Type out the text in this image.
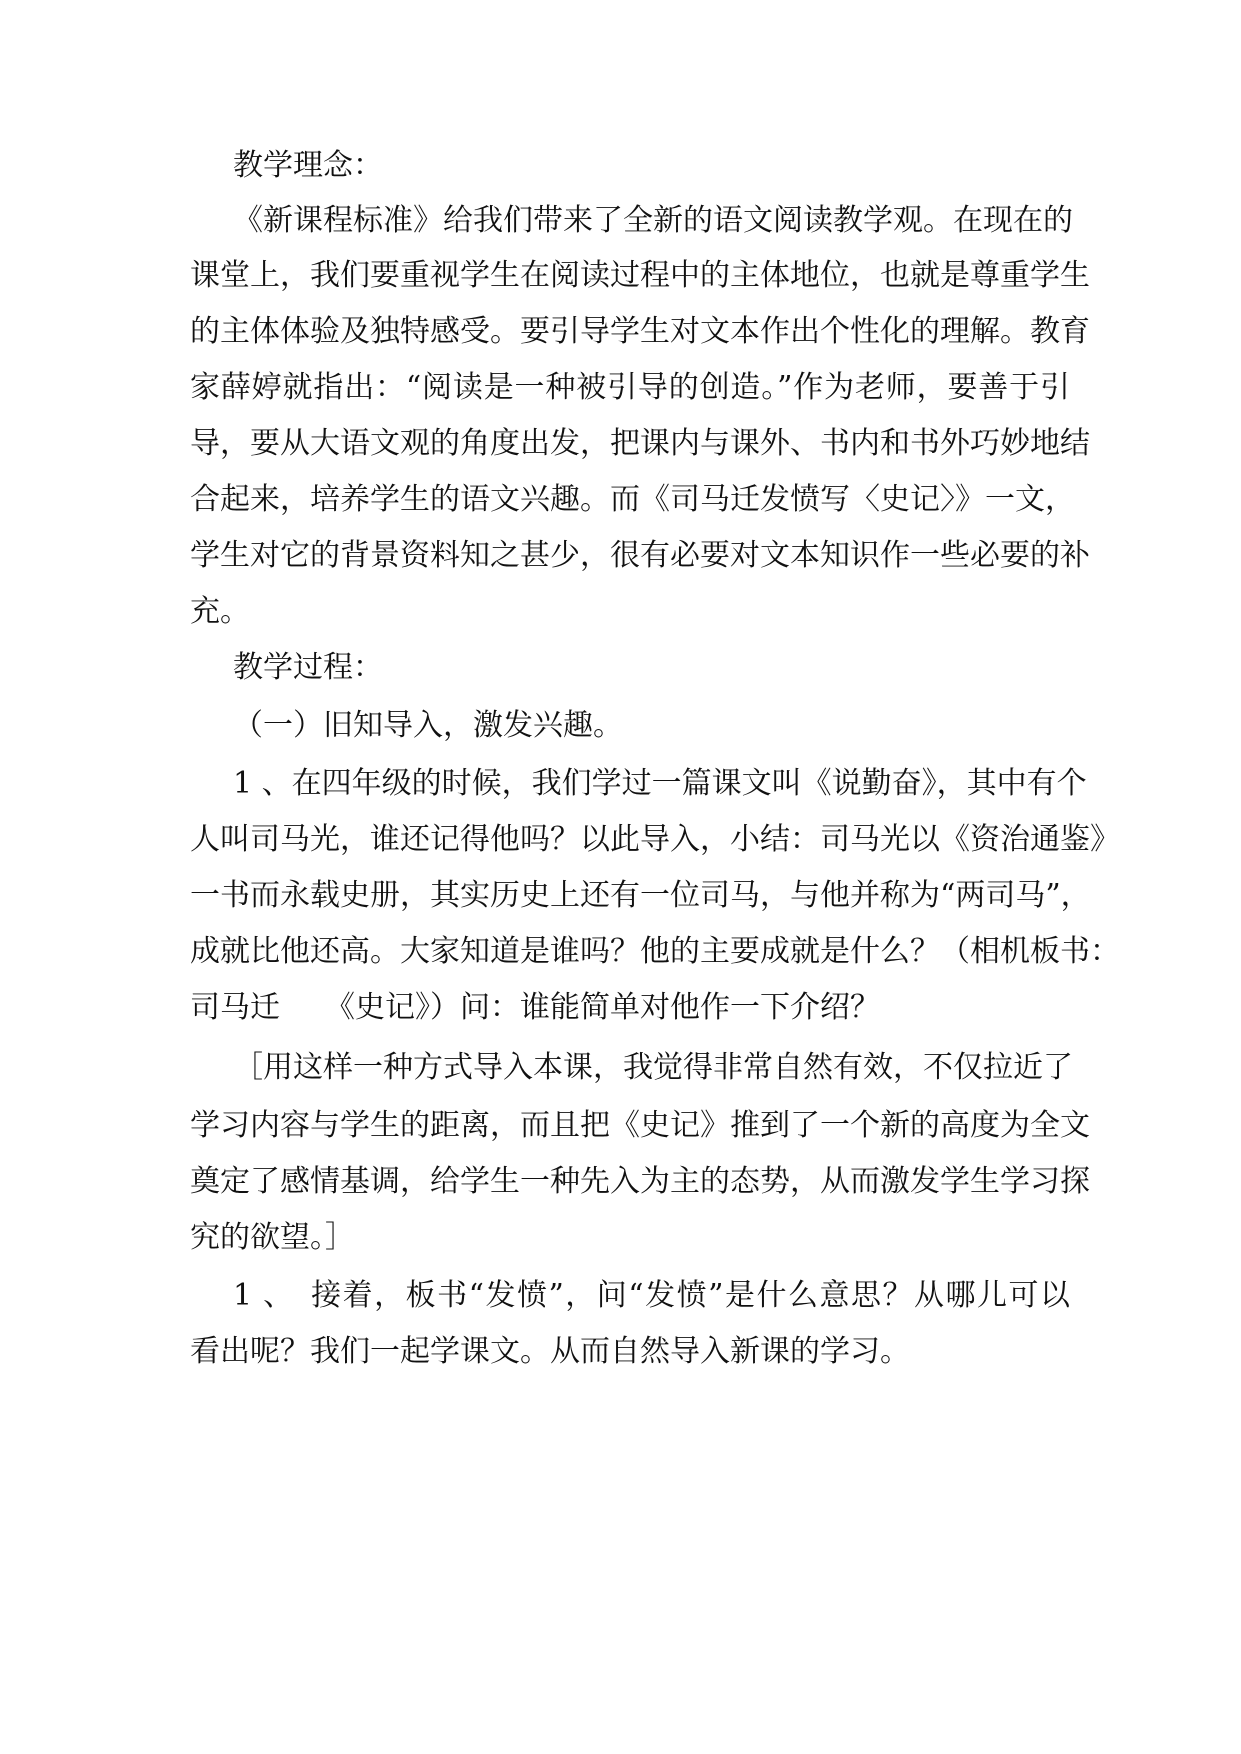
教学理念：
《新课程标准》给我们带来了全新的语文阅读教学观。在现在的
课堂上，我们要重视学生在阅读过程中的主体地位，也就是尊重学生
的主体体验及独特感受。要引导学生对文本作出个性化的理解。教育
家薛婷就指出：“阅读是一种被引导的创造。”作为老师，要善于引
导，要从大语文观的角度出发，把课内与课外、书内和书外巧妙地结
合起来，培养学生的语文兴趣。而《司马迁发愤写〈史记〉》一文，
学生对它的背景资料知之甚少，很有必要对文本知识作一些必要的补
充。
教学过程：
（一）旧知导入，激发兴趣。
1 、在四年级的时候，我们学过一篇课文叫《说勤奋》，其中有个
人叫司马光，谁还记得他吗？以此导入，小结：司马光以《资治通鉴》
一书而永载史册，其实历史上还有一位司马，与他并称为“两司马”，
成就比他还高。大家知道是谁吗？他的主要成就是什么？（相机板书：
司马迁　　《史记》）问：谁能简单对他作一下介绍？
［用这样一种方式导入本课，我觉得非常自然有效，不仅拉近了
学习内容与学生的距离，而且把《史记》推到了一个新的高度为全文
奠定了感情基调，给学生一种先入为主的态势，从而激发学生学习探
究的欲望。］
1 、　接着，板书“发愤”，问“发愤”是什么意思？从哪儿可以
看出呢？我们一起学课文。从而自然导入新课的学习。
